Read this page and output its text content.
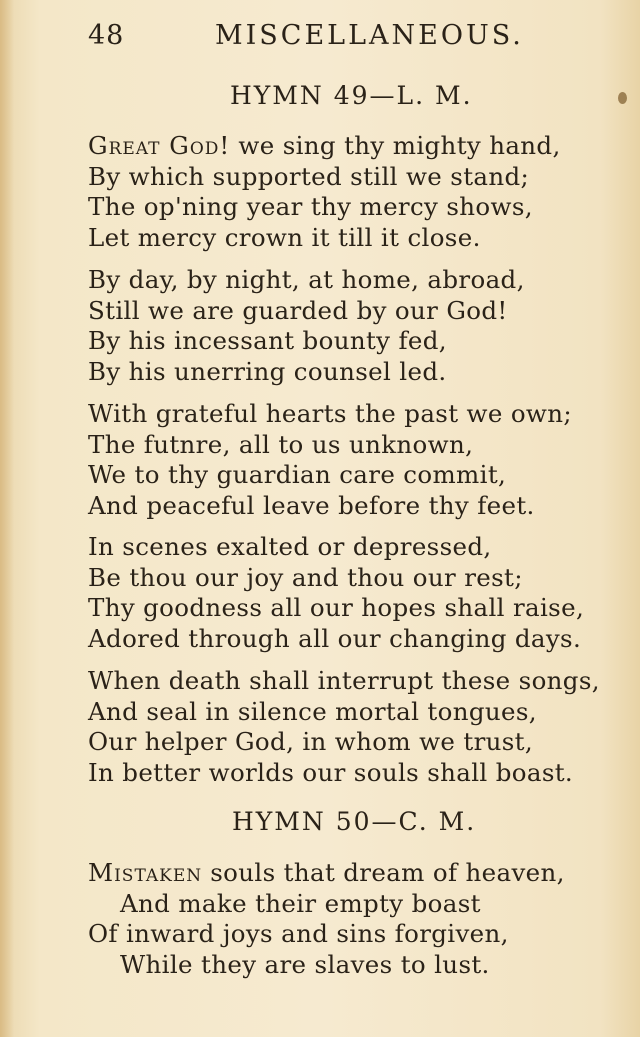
48	MISCELLANEOUS.
HYMN 49—L. M.
Great God! we sing thy mighty hand,
By which supported still we stand;
The op'ning year thy mercy shows,
Let mercy crown it till it close.
By day, by night, at home, abroad,
Still we are guarded by our God!
By his incessant bounty fed,
By his unerring counsel led.
With grateful hearts the past we own;
The futnre, all to us unknown,
We to thy guardian care commit,
And peaceful leave before thy feet.
In scenes exalted or depressed,
Be thou our joy and thou our rest;
Thy goodness all our hopes shall raise,
Adored through all our changing days.
When death shall interrupt these songs,
And seal in silence mortal tongues,
Our helper God, in whom we trust,
In better worlds our souls shall boast.
HYMN 50—C. M.
Mistaken souls that dream of heaven,
And make their empty boast
Of inward joys and sins forgiven,
While they are slaves to lust.
